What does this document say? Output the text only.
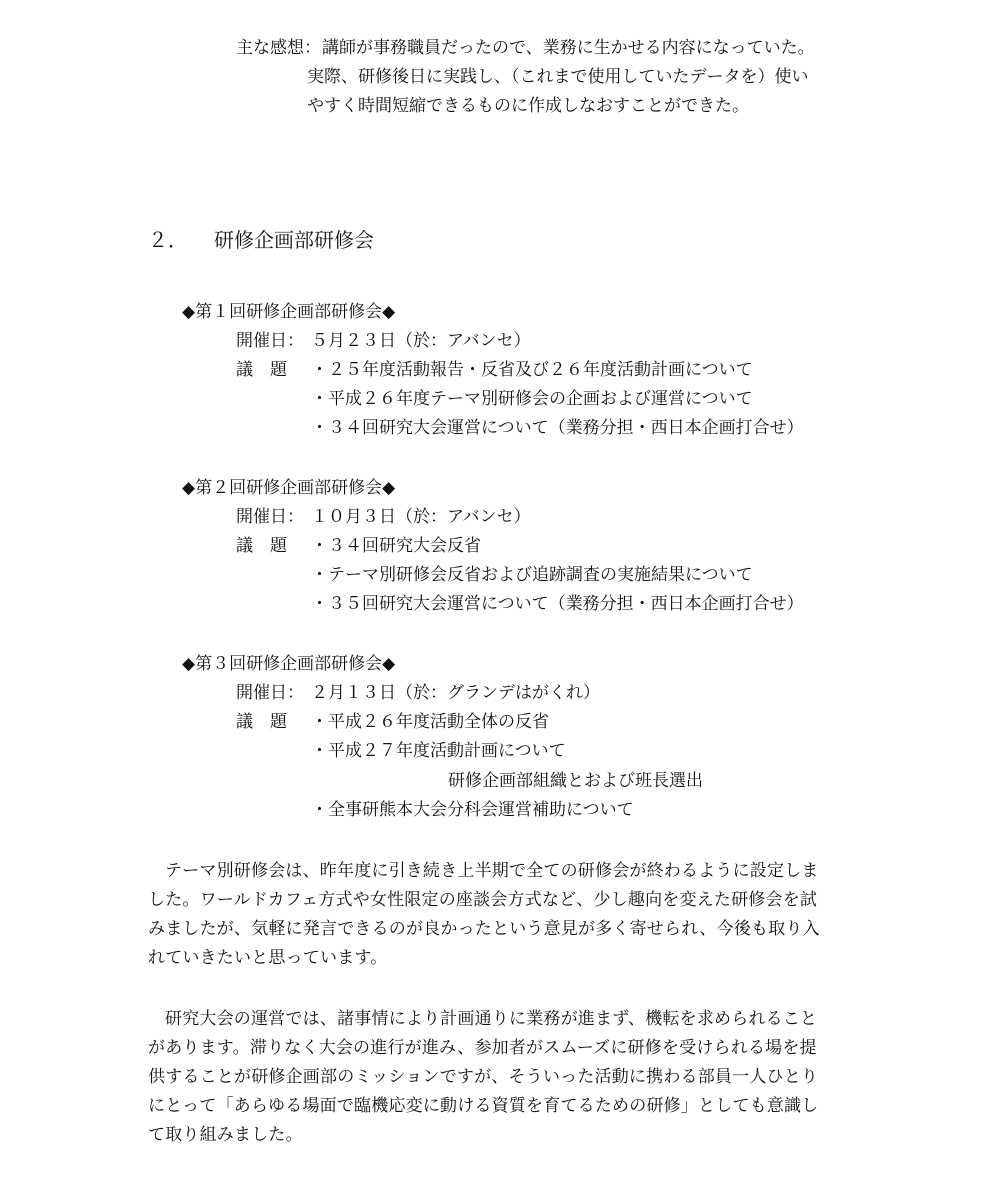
主な感想： 講師が事務職員だったので、業務に生かせる内容になっていた。
実際、研修後日に実践し、（これまで使用していたデータを）使い
やすく時間短縮できるものに作成しなおすことができた。
２． 研修企画部研修会
◆第１回研修企画部研修会◆
開催日： ５月２３日（於：アバンセ）
議　題 ・２５年度活動報告・反省及び２６年度活動計画について
・平成２６年度テーマ別研修会の企画および運営について
・３４回研究大会運営について（業務分担・西日本企画打合せ）
◆第２回研修企画部研修会◆
開催日： １０月３日（於：アバンセ）
議　題 ・３４回研究大会反省
・テーマ別研修会反省および追跡調査の実施結果について
・３５回研究大会運営について（業務分担・西日本企画打合せ）
◆第３回研修企画部研修会◆
開催日： ２月１３日（於：グランデはがくれ）
議　題 ・平成２６年度活動全体の反省
・平成２７年度活動計画について
研修企画部組織とおよび班長選出
・全事研熊本大会分科会運営補助について
テーマ別研修会は、昨年度に引き続き上半期で全ての研修会が終わるように設定しま
した。ワールドカフェ方式や女性限定の座談会方式など、少し趣向を変えた研修会を試
みましたが、気軽に発言できるのが良かったという意見が多く寄せられ、今後も取り入
れていきたいと思っています。
研究大会の運営では、諸事情により計画通りに業務が進まず、機転を求められること
があります。滞りなく大会の進行が進み、参加者がスムーズに研修を受けられる場を提
供することが研修企画部のミッションですが、そういった活動に携わる部員一人ひとり
にとって「あらゆる場面で臨機応変に動ける資質を育てるための研修」としても意識し
て取り組みました。
